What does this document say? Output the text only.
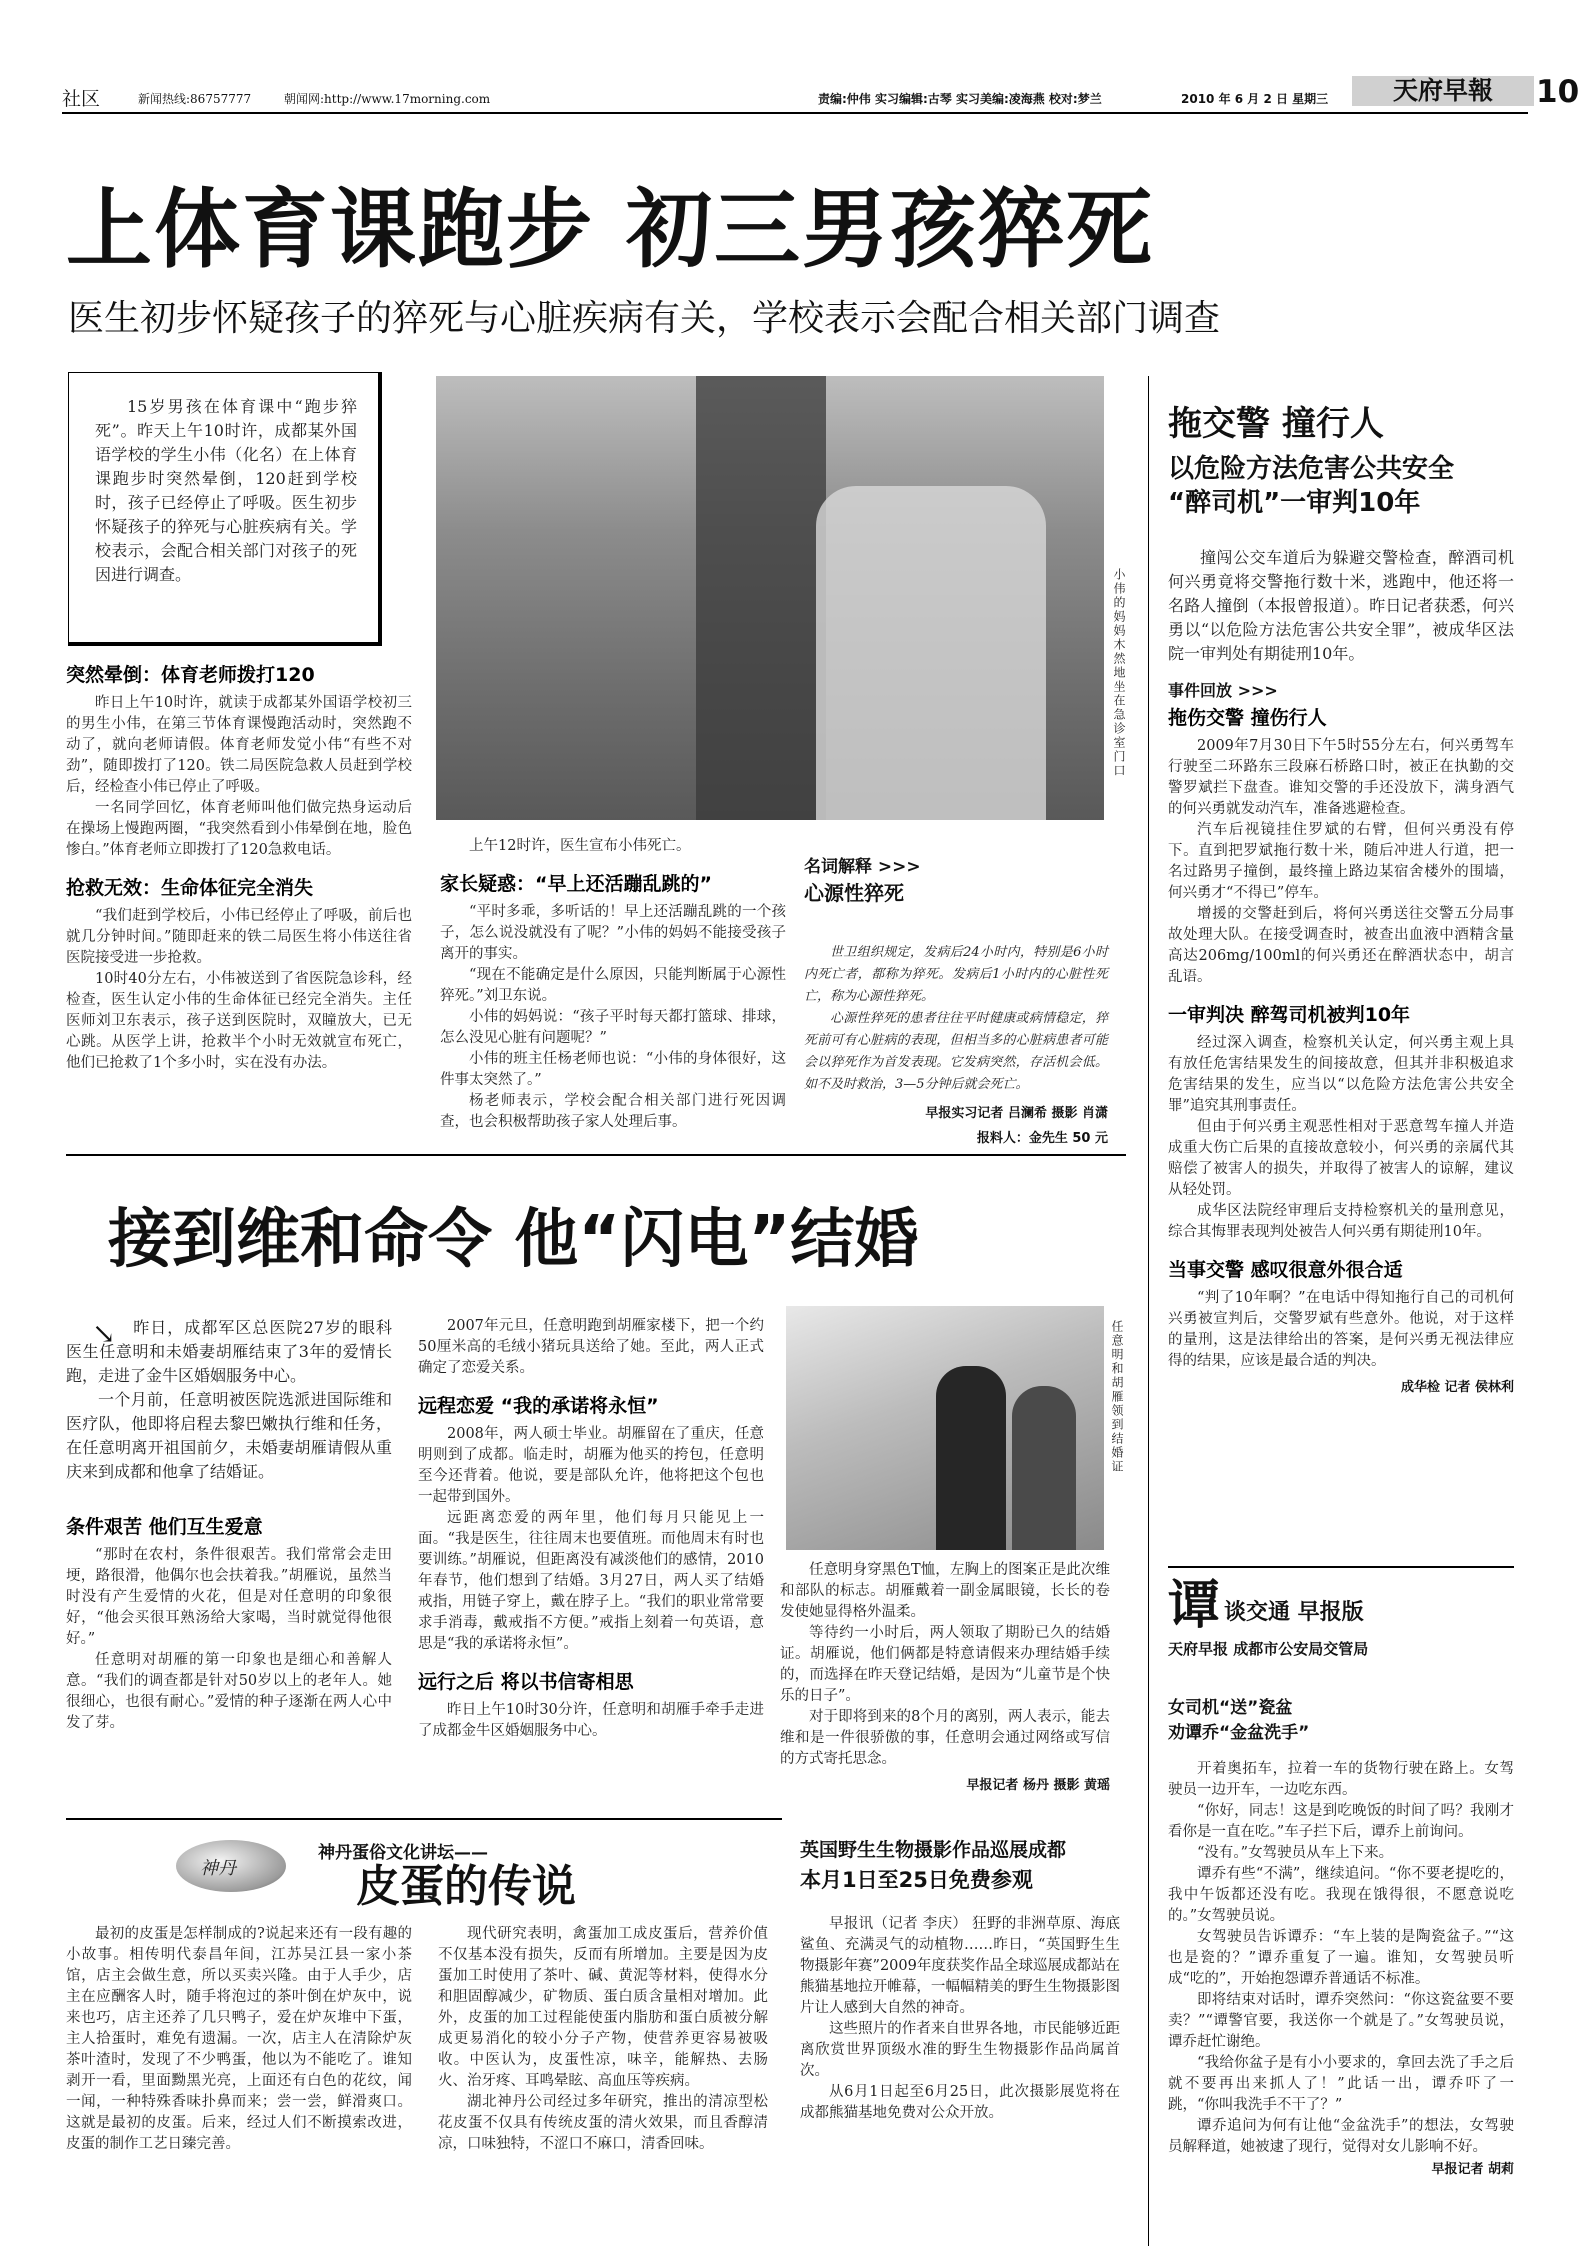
社区	新闻热线:86757777	朝闻网:http://www.17morning.com	责编:仲伟 实习编辑:古琴 实习美编:凌海燕 校对:梦兰	2010 年 6 月 2 日 星期三	天府早報	10
上体育课跑步 初三男孩猝死
医生初步怀疑孩子的猝死与心脏疾病有关，学校表示会配合相关部门调查

15岁男孩在体育课中“跑步猝死”。昨天上午10时许，成都某外国语学校的学生小伟（化名）在上体育课跑步时突然晕倒，120赶到学校时，孩子已经停止了呼吸。医生初步怀疑孩子的猝死与心脏疾病有关。学校表示，会配合相关部门对孩子的死因进行调查。

突然晕倒：体育老师拨打120

昨日上午10时许，就读于成都某外国语学校初三的男生小伟，在第三节体育课慢跑活动时，突然跑不动了，就向老师请假。体育老师发觉小伟“有些不对劲”，随即拨打了120。铁二局医院急救人员赶到学校后，经检查小伟已停止了呼吸。

一名同学回忆，体育老师叫他们做完热身运动后在操场上慢跑两圈，“我突然看到小伟晕倒在地，脸色惨白。”体育老师立即拨打了120急救电话。

抢救无效：生命体征完全消失

“我们赶到学校后，小伟已经停止了呼吸，前后也就几分钟时间。”随即赶来的铁二局医生将小伟送往省医院接受进一步抢救。

10时40分左右，小伟被送到了省医院急诊科，经检查，医生认定小伟的生命体征已经完全消失。主任医师刘卫东表示，孩子送到医院时，双瞳放大，已无心跳。从医学上讲，抢救半个小时无效就宣布死亡，他们已抢救了1个多小时，实在没有办法。

小伟的妈妈木然地坐在急诊室门口

上午12时许，医生宣布小伟死亡。

家长疑惑：“早上还活蹦乱跳的”

“平时多乖，多听话的！早上还活蹦乱跳的一个孩子，怎么说没就没有了呢？”小伟的妈妈不能接受孩子离开的事实。

“现在不能确定是什么原因，只能判断属于心源性猝死。”刘卫东说。

小伟的妈妈说：“孩子平时每天都打篮球、排球，怎么没见心脏有问题呢？”

小伟的班主任杨老师也说：“小伟的身体很好，这件事太突然了。”

杨老师表示，学校会配合相关部门进行死因调查，也会积极帮助孩子家人处理后事。

名词解释 >>>
心源性猝死

世卫组织规定，发病后24小时内，特别是6小时内死亡者，都称为猝死。发病后1小时内的心脏性死亡，称为心源性猝死。

心源性猝死的患者往往平时健康或病情稳定，猝死前可有心脏病的表现，但相当多的心脏病患者可能会以猝死作为首发表现。它发病突然，存活机会低。如不及时救治，3—5分钟后就会死亡。

早报实习记者 吕澜希 摄影 肖潇
报料人：金先生 50 元
拖交警 撞行人
以危险方法危害公共安全
“醉司机”一审判10年

撞闯公交车道后为躲避交警检查，醉酒司机何兴勇竟将交警拖行数十米，逃跑中，他还将一名路人撞倒（本报曾报道）。昨日记者获悉，何兴勇以“以危险方法危害公共安全罪”，被成华区法院一审判处有期徒刑10年。

事件回放 >>>
拖伤交警 撞伤行人

2009年7月30日下午5时55分左右，何兴勇驾车行驶至二环路东三段麻石桥路口时，被正在执勤的交警罗斌拦下盘查。谁知交警的手还没放下，满身酒气的何兴勇就发动汽车，准备逃避检查。

汽车后视镜挂住罗斌的右臂，但何兴勇没有停下。直到把罗斌拖行数十米，随后冲进人行道，把一名过路男子撞倒，最终撞上路边某宿舍楼外的围墙，何兴勇才“不得已”停车。

增援的交警赶到后，将何兴勇送往交警五分局事故处理大队。在接受调查时，被查出血液中酒精含量高达206mg/100ml的何兴勇还在醉酒状态中，胡言乱语。

一审判决 醉驾司机被判10年

经过深入调查，检察机关认定，何兴勇主观上具有放任危害结果发生的间接故意，但其并非积极追求危害结果的发生，应当以“以危险方法危害公共安全罪”追究其刑事责任。

但由于何兴勇主观恶性相对于恶意驾车撞人并造成重大伤亡后果的直接故意较小，何兴勇的亲属代其赔偿了被害人的损失，并取得了被害人的谅解，建议从轻处罚。

成华区法院经审理后支持检察机关的量刑意见，综合其悔罪表现判处被告人何兴勇有期徒刑10年。

当事交警 感叹很意外很合适

“判了10年啊？”在电话中得知拖行自己的司机何兴勇被宣判后，交警罗斌有些意外。他说，对于这样的量刑，这是法律给出的答案，是何兴勇无视法律应得的结果，应该是最合适的判决。

成华检 记者 侯林利
谭 谈交通 早报版
天府早报 成都市公安局交管局
女司机“送”瓷盆
劝谭乔“金盆洗手”

开着奥拓车，拉着一车的货物行驶在路上。女驾驶员一边开车，一边吃东西。

“你好，同志！这是到吃晚饭的时间了吗？我刚才看你是一直在吃。”车子拦下后，谭乔上前询问。

“没有。”女驾驶员从车上下来。

谭乔有些“不满”，继续追问。“你不要老提吃的，我中午饭都还没有吃。我现在饿得很，不愿意说吃的。”女驾驶员说。

女驾驶员告诉谭乔：“车上装的是陶瓷盆子。”“这也是瓷的？”谭乔重复了一遍。谁知，女驾驶员听成“吃的”，开始抱怨谭乔普通话不标准。

即将结束对话时，谭乔突然问：“你这瓷盆要不要卖？”“谭警官要，我送你一个就是了。”女驾驶员说，谭乔赶忙谢绝。

“我给你盆子是有小小要求的，拿回去洗了手之后就不要再出来抓人了！”此话一出，谭乔吓了一跳，“你叫我洗手不干了？”

谭乔追问为何有让他“金盆洗手”的想法，女驾驶员解释道，她被逮了现行，觉得对女儿影响不好。

早报记者 胡莉
接到维和命令 他“闪电”结婚
↘	昨日，成都军区总医院27岁的眼科医生任意明和未婚妻胡雁结束了3年的爱情长跑，走进了金牛区婚姻服务中心。

一个月前，任意明被医院选派进国际维和医疗队，他即将启程去黎巴嫩执行维和任务，在任意明离开祖国前夕，未婚妻胡雁请假从重庆来到成都和他拿了结婚证。

条件艰苦 他们互生爱意

“那时在农村，条件很艰苦。我们常常会走田埂，路很滑，他偶尔也会扶着我。”胡雁说，虽然当时没有产生爱情的火花，但是对任意明的印象很好，“他会买很耳熟汤给大家喝，当时就觉得他很好。”

任意明对胡雁的第一印象也是细心和善解人意。“我们的调查都是针对50岁以上的老年人。她很细心，也很有耐心。”爱情的种子逐渐在两人心中发了芽。

2007年元旦，任意明跑到胡雁家楼下，把一个约50厘米高的毛绒小猪玩具送给了她。至此，两人正式确定了恋爱关系。

远程恋爱 “我的承诺将永恒”

2008年，两人硕士毕业。胡雁留在了重庆，任意明则到了成都。临走时，胡雁为他买的挎包，任意明至今还背着。他说，要是部队允许，他将把这个包也一起带到国外。

远距离恋爱的两年里，他们每月只能见上一面。“我是医生，往往周末也要值班。而他周末有时也要训练。”胡雁说，但距离没有减淡他们的感情，2010年春节，他们想到了结婚。3月27日，两人买了结婚戒指，用链子穿上，戴在脖子上。“我们的职业常常要求手消毒，戴戒指不方便。”戒指上刻着一句英语，意思是“我的承诺将永恒”。

远行之后 将以书信寄相思

昨日上午10时30分许，任意明和胡雁手牵手走进了成都金牛区婚姻服务中心。

任意明和胡雁领到结婚证

任意明身穿黑色T恤，左胸上的图案正是此次维和部队的标志。胡雁戴着一副金属眼镜，长长的卷发使她显得格外温柔。

等待约一小时后，两人领取了期盼已久的结婚证。胡雁说，他们俩都是特意请假来办理结婚手续的，而选择在昨天登记结婚，是因为“儿童节是个快乐的日子”。

对于即将到来的8个月的离别，两人表示，能去维和是一件很骄傲的事，任意明会通过网络或写信的方式寄托思念。

早报记者 杨丹 摄影 黄瑶
神丹
神丹蛋俗文化讲坛——
皮蛋的传说

最初的皮蛋是怎样制成的?说起来还有一段有趣的小故事。相传明代泰昌年间，江苏吴江县一家小茶馆，店主会做生意，所以买卖兴隆。由于人手少，店主在应酬客人时，随手将泡过的茶叶倒在炉灰中，说来也巧，店主还养了几只鸭子，爱在炉灰堆中下蛋，主人拾蛋时，难免有遗漏。一次，店主人在清除炉灰茶叶渣时，发现了不少鸭蛋，他以为不能吃了。谁知剥开一看，里面黝黑光亮，上面还有白色的花纹，闻一闻，一种特殊香味扑鼻而来；尝一尝，鲜滑爽口。这就是最初的皮蛋。后来，经过人们不断摸索改进，皮蛋的制作工艺日臻完善。

现代研究表明，禽蛋加工成皮蛋后，营养价值不仅基本没有损失，反而有所增加。主要是因为皮蛋加工时使用了茶叶、碱、黄泥等材料，使得水分和胆固醇减少，矿物质、蛋白质含量相对增加。此外，皮蛋的加工过程能使蛋内脂肪和蛋白质被分解成更易消化的较小分子产物，使营养更容易被吸收。中医认为，皮蛋性凉，味辛，能解热、去肠火、治牙疼、耳鸣晕眩、高血压等疾病。

湖北神丹公司经过多年研究，推出的清凉型松花皮蛋不仅具有传统皮蛋的清火效果，而且香醇清凉，口味独特，不涩口不麻口，清香回味。

英国野生生物摄影作品巡展成都
本月1日至25日免费参观

早报讯（记者 李庆） 狂野的非洲草原、海底鲨鱼、充满灵气的动植物……昨日，“英国野生生物摄影年赛”2009年度获奖作品全球巡展成都站在熊猫基地拉开帷幕，一幅幅精美的野生生物摄影图片让人感到大自然的神奇。

这些照片的作者来自世界各地，市民能够近距离欣赏世界顶级水准的野生生物摄影作品尚属首次。

从6月1日起至6月25日，此次摄影展览将在成都熊猫基地免费对公众开放。
